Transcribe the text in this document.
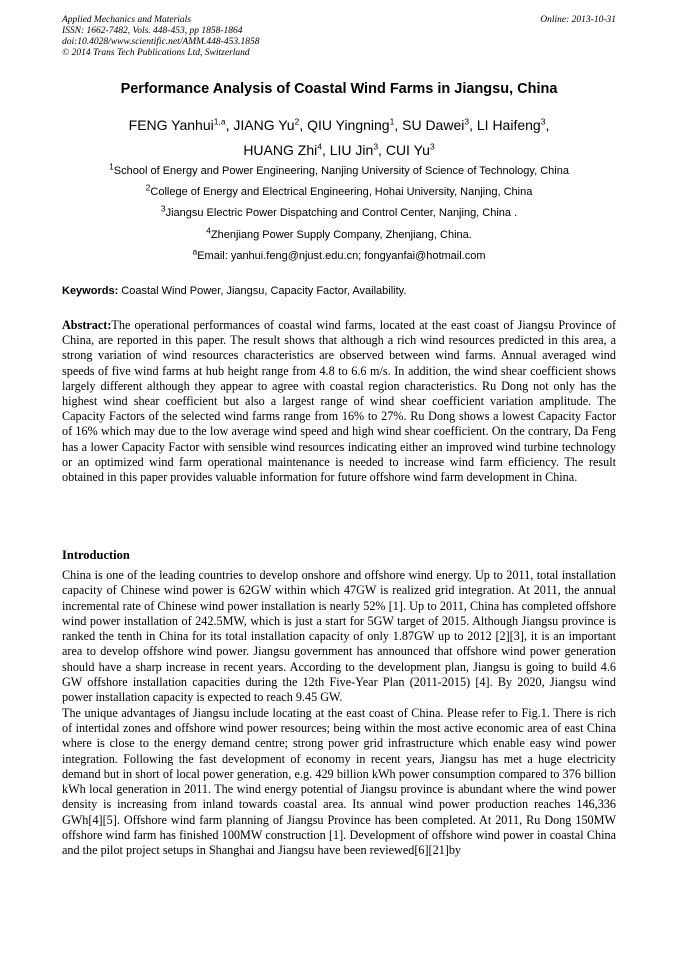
Applied Mechanics and Materials
ISSN: 1662-7482, Vols. 448-453, pp 1858-1864
doi:10.4028/www.scientific.net/AMM.448-453.1858
© 2014 Trans Tech Publications Ltd, Switzerland
Online: 2013-10-31
Performance Analysis of Coastal Wind Farms in Jiangsu, China
FENG Yanhui$^{1,a}$, JIANG Yu$^2$, QIU Yingning$^1$, SU Dawei$^3$, LI Haifeng$^3$,
HUANG Zhi$^4$, LIU Jin$^3$, CUI Yu$^3$
$^1$School of Energy and Power Engineering, Nanjing University of Science of Technology, China
$^2$College of Energy and Electrical Engineering, Hohai University, Nanjing, China
$^3$Jiangsu Electric Power Dispatching and Control Center, Nanjing, China .
$^4$Zhenjiang Power Supply Company, Zhenjiang, China.
$^a$Email: yanhui.feng@njust.edu.cn; fongyanfai@hotmail.com
Keywords: Coastal Wind Power, Jiangsu, Capacity Factor, Availability.
Abstract:The operational performances of coastal wind farms, located at the east coast of Jiangsu Province of China, are reported in this paper. The result shows that although a rich wind resources predicted in this area, a strong variation of wind resources characteristics are observed between wind farms. Annual averaged wind speeds of five wind farms at hub height range from 4.8 to 6.6 m/s. In addition, the wind shear coefficient shows largely different although they appear to agree with coastal region characteristics. Ru Dong not only has the highest wind shear coefficient but also a largest range of wind shear coefficient variation amplitude. The Capacity Factors of the selected wind farms range from 16% to 27%. Ru Dong shows a lowest Capacity Factor of 16% which may due to the low average wind speed and high wind shear coefficient. On the contrary, Da Feng has a lower Capacity Factor with sensible wind resources indicating either an improved wind turbine technology or an optimized wind farm operational maintenance is needed to increase wind farm efficiency. The result obtained in this paper provides valuable information for future offshore wind farm development in China.
Introduction

China is one of the leading countries to develop onshore and offshore wind energy. Up to 2011, total installation capacity of Chinese wind power is 62GW within which 47GW is realized grid integration. At 2011, the annual incremental rate of Chinese wind power installation is nearly 52% [1]. Up to 2011, China has completed offshore wind power installation of 242.5MW, which is just a start for 5GW target of 2015. Although Jiangsu province is ranked the tenth in China for its total installation capacity of only 1.87GW up to 2012 [2][3], it is an important area to develop offshore wind power. Jiangsu government has announced that offshore wind power generation should have a sharp increase in recent years. According to the development plan, Jiangsu is going to build 4.6 GW offshore installation capacities during the 12th Five-Year Plan (2011-2015) [4]. By 2020, Jiangsu wind power installation capacity is expected to reach 9.45 GW.

The unique advantages of Jiangsu include locating at the east coast of China. Please refer to Fig.1. There is rich of intertidal zones and offshore wind power resources; being within the most active economic area of east China where is close to the energy demand centre; strong power grid infrastructure which enable easy wind power integration. Following the fast development of economy in recent years, Jiangsu has met a huge electricity demand but in short of local power generation, e.g. 429 billion kWh power consumption compared to 376 billion kWh local generation in 2011. The wind energy potential of Jiangsu province is abundant where the wind power density is increasing from inland towards coastal area. Its annual wind power production reaches 146,336 GWh[4][5]. Offshore wind farm planning of Jiangsu Province has been completed. At 2011, Ru Dong 150MW offshore wind farm has finished 100MW construction [1]. Development of offshore wind power in coastal China and the pilot project setups in Shanghai and Jiangsu have been reviewed[6][21]by
